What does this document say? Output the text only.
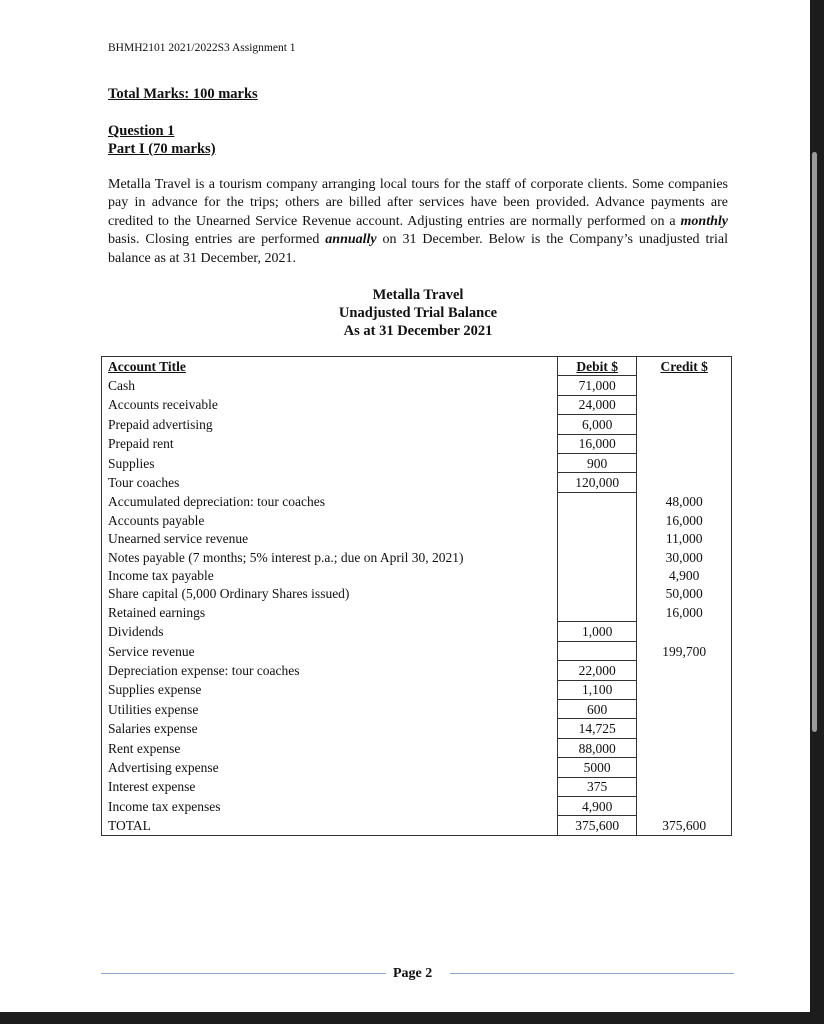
BHMH2101 2021/2022S3 Assignment 1
Total Marks: 100 marks
Question 1
Part I (70 marks)
Metalla Travel is a tourism company arranging local tours for the staff of corporate clients. Some companies pay in advance for the trips; others are billed after services have been provided. Advance payments are credited to the Unearned Service Revenue account. Adjusting entries are normally performed on a monthly basis. Closing entries are performed annually on 31 December. Below is the Company’s unadjusted trial balance as at 31 December, 2021.
Metalla Travel
Unadjusted Trial Balance
As at 31 December 2021
Account Title	Debit $	Credit $
Cash	71,000	
Accounts receivable	24,000	
Prepaid advertising	6,000	
Prepaid rent	16,000	
Supplies	900	
Tour coaches	120,000	
Accumulated depreciation: tour coaches		48,000
Accounts payable		16,000
Unearned service revenue		11,000
Notes payable (7 months; 5% interest p.a.; due on April 30, 2021)		30,000
Income tax payable		4,900
Share capital (5,000 Ordinary Shares issued)		50,000
Retained earnings		16,000
Dividends	1,000	
Service revenue		199,700
Depreciation expense: tour coaches	22,000	
Supplies expense	1,100	
Utilities expense	600	
Salaries expense	14,725	
Rent expense	88,000	
Advertising expense	5000	
Interest expense	375	
Income tax expenses	4,900	
TOTAL	375,600	375,600
Page 2
